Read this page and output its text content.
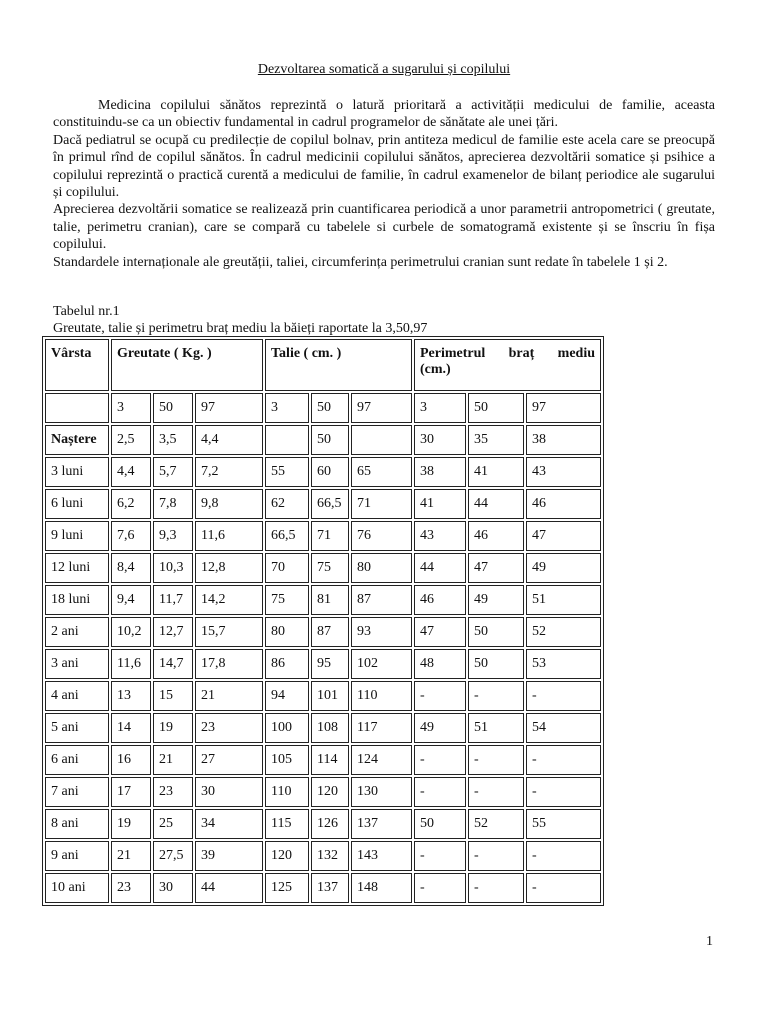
Dezvoltarea somatică a sugarului și copilului

Medicina copilului sănătos reprezintă o latură prioritară a activității medicului de familie, aceasta constituindu-se ca un obiectiv fundamental in cadrul programelor de sănătate ale unei țări.

Dacă pediatrul se ocupă cu predilecție de copilul bolnav, prin antiteza medicul de familie este acela care se preocupă în primul rînd de copilul sănătos. În cadrul medicinii copilului sănătos, aprecierea dezvoltării somatice și psihice a copilului reprezintă o practică curentă a medicului de familie, în cadrul examenelor de bilanț periodice ale sugarului și copilului.

Aprecierea dezvoltării somatice se realizează prin cuantificarea periodică a unor parametrii antropometrici ( greutate, talie, perimetru cranian), care se compară cu tabelele si curbele de somatogramă existente și se înscriu în fișa copilului.

Standardele internaționale ale greutății, taliei, circumferința perimetrului cranian sunt redate în tabelele 1 și 2.

Tabelul nr.1
Greutate, talie și perimetru braț mediu la băieți raportate la 3,50,97
Vârsta	Greutate ( Kg. )			Talie ( cm. )			Perimetrul braț mediu
(cm.)		

	3	50	97	3	50	97	3	50	97
Naștere	2,5	3,5	4,4		50		30	35	38
3 luni	4,4	5,7	7,2	55	60	65	38	41	43
6 luni	6,2	7,8	9,8	62	66,5	71	41	44	46
9 luni	7,6	9,3	11,6	66,5	71	76	43	46	47
12 luni	8,4	10,3	12,8	70	75	80	44	47	49
18 luni	9,4	11,7	14,2	75	81	87	46	49	51
2 ani	10,2	12,7	15,7	80	87	93	47	50	52
3 ani	11,6	14,7	17,8	86	95	102	48	50	53
4 ani	13	15	21	94	101	110	-	-	-
5 ani	14	19	23	100	108	117	49	51	54
6 ani	16	21	27	105	114	124	-	-	-
7 ani	17	23	30	110	120	130	-	-	-
8 ani	19	25	34	115	126	137	50	52	55
9 ani	21	27,5	39	120	132	143	-	-	-
10 ani	23	30	44	125	137	148	-	-	-
1
